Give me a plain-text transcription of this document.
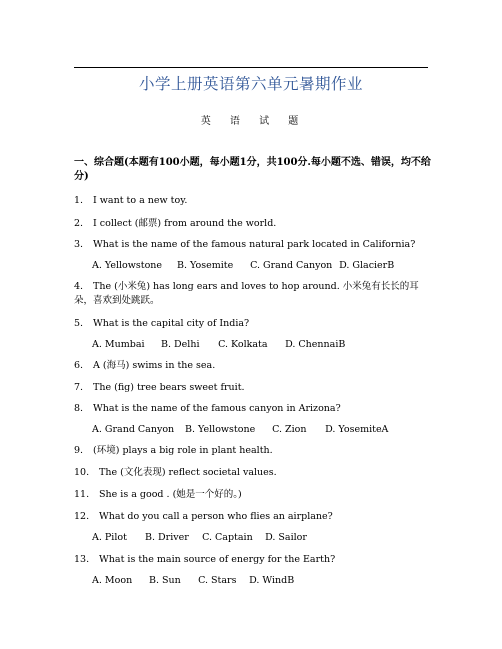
小学上册英语第六单元暑期作业
英 语 试 题
一、综合题(本题有100小题，每小题1分，共100分.每小题不选、错误，均不给分)
1. I want to a new toy.
2. I collect (邮票) from around the world.
3. What is the name of the famous natural park located in California?
A. Yellowstone B. Yosemite C. Grand Canyon D. GlacierB
4. The (小米兔) has long ears and loves to hop around. 小米兔有长长的耳朵，喜欢到处跳跃。
5. What is the capital city of India?
A. Mumbai B. Delhi C. Kolkata D. ChennaiB
6. A (海马) swims in the sea.
7. The (fig) tree bears sweet fruit.
8. What is the name of the famous canyon in Arizona?
A. Grand Canyon B. Yellowstone C. Zion D. YosemiteA
9. (环境) plays a big role in plant health.
10. The (文化表现) reflect societal values.
11. She is a good . (她是一个好的。)
12. What do you call a person who flies an airplane?
A. Pilot B. Driver C. Captain D. Sailor
13. What is the main source of energy for the Earth?
A. Moon B. Sun C. Stars D. WindB
